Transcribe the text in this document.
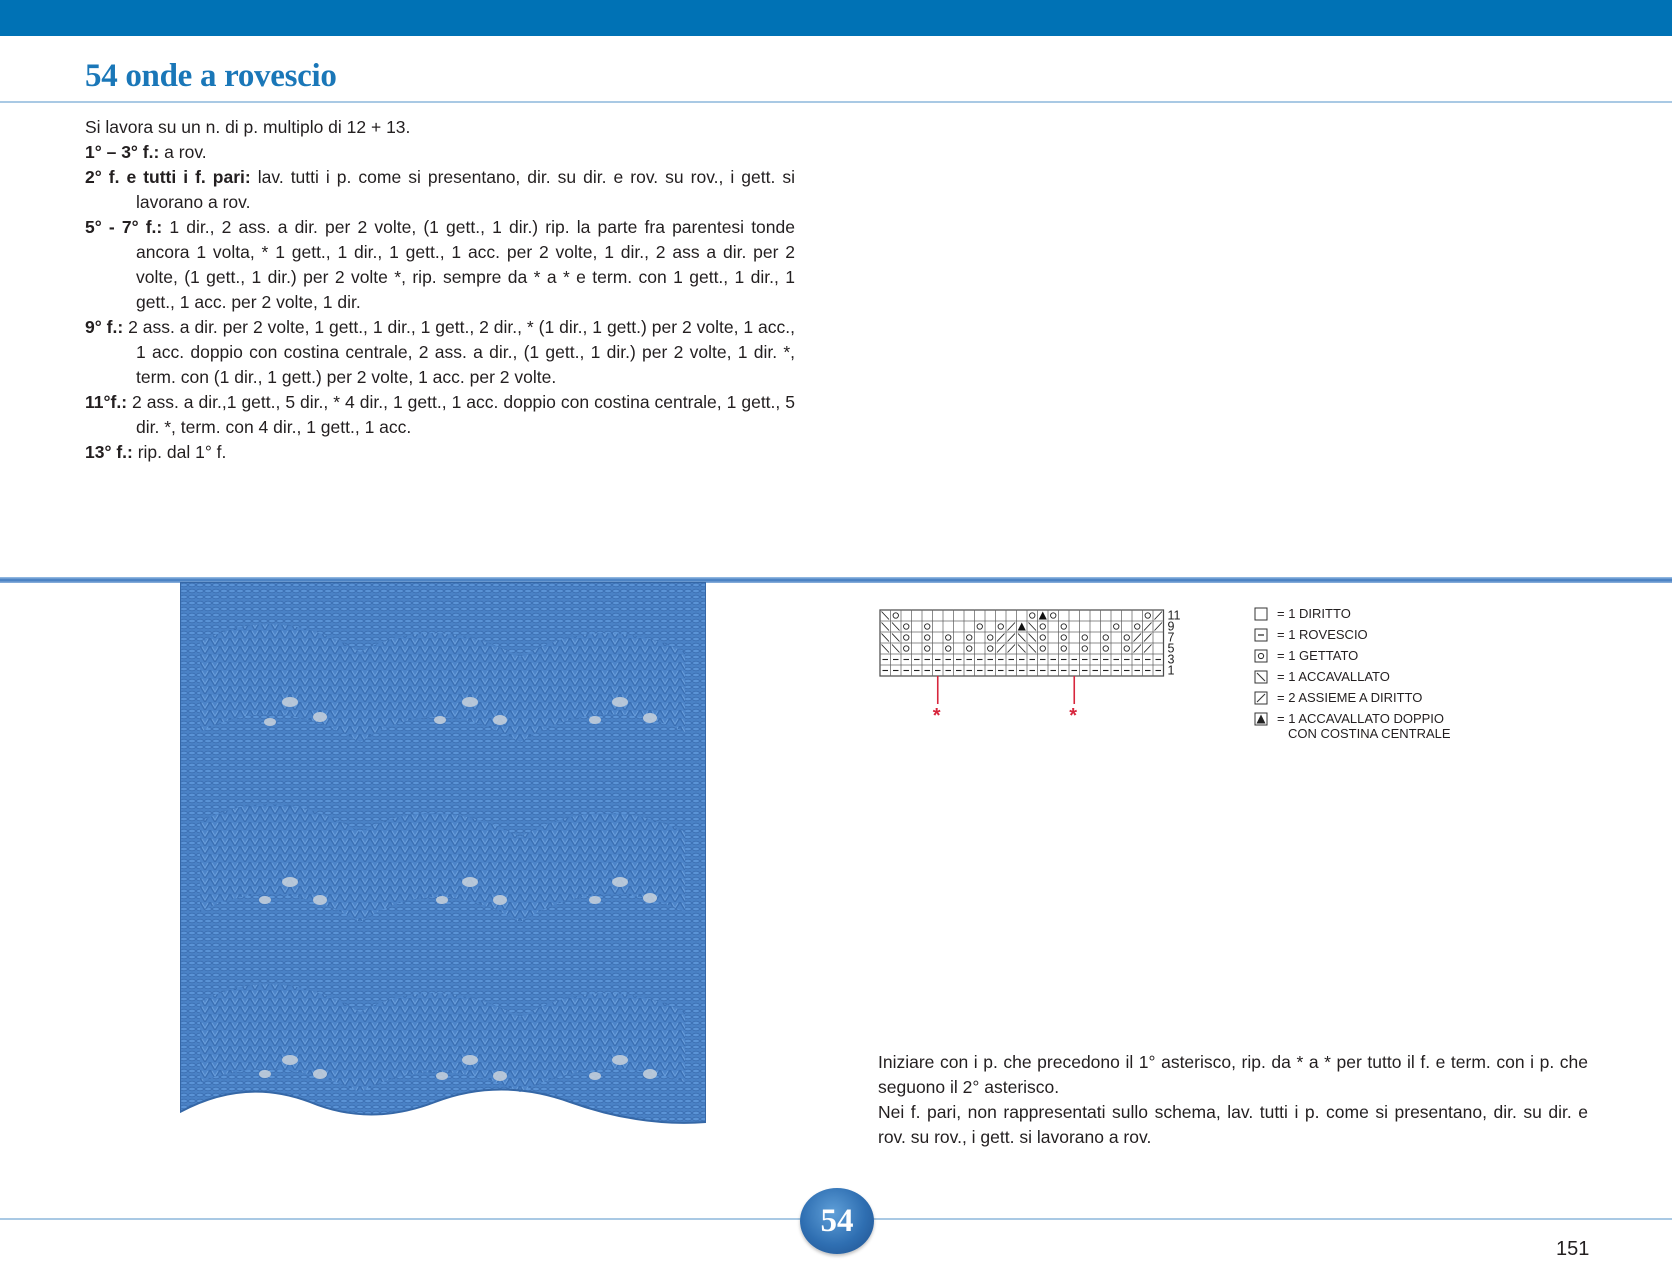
54 onde a rovescio

Si lavora su un n. di p. multiplo di 12 + 13.

1° – 3° f.: a rov.

2° f. e tutti i f. pari: lav. tutti i p. come si presentano, dir. su dir. e rov. su rov., i gett. si lavorano a rov.

5° - 7° f.: 1 dir., 2 ass. a dir. per 2 volte, (1 gett., 1 dir.) rip. la parte fra parentesi tonde ancora 1 volta, * 1 gett., 1 dir., 1 gett., 1 acc. per 2 volte, 1 dir., 2 ass a dir. per 2 volte, (1 gett., 1 dir.) per 2 volte *, rip. sempre da * a * e term. con 1 gett., 1 dir., 1 gett., 1 acc. per 2 volte, 1 dir.

9° f.: 2 ass. a dir. per 2 volte, 1 gett., 1 dir., 1 gett., 2 dir., * (1 dir., 1 gett.) per 2 volte, 1 acc., 1 acc. doppio con costina centrale, 2 ass. a dir., (1 gett., 1 dir.) per 2 volte, 1 dir. *, term. con (1 dir., 1 gett.) per 2 volte, 1 acc. per 2 volte.

11°f.: 2 ass. a dir.,1 gett., 5 dir., * 4 dir., 1 gett., 1 acc. doppio con costina centrale, 1 gett., 5 dir. *, term. con 4 dir., 1 gett., 1 acc.

13° f.: rip. dal 1° f.

11
9
7
5
3
1
*	*
= 1 DIRITTO
= 1 ROVESCIO
= 1 GETTATO
= 1 ACCAVALLATO
= 2 ASSIEME A DIRITTO
= 1 ACCAVALLATO DOPPIO
CON COSTINA CENTRALE

Iniziare con i p. che precedono il 1° asterisco, rip. da * a * per tutto il f. e term. con i p. che seguono il 2° asterisco.

Nei f. pari, non rappresentati sullo schema, lav. tutti i p. come si presentano, dir. su dir. e rov. su rov., i gett. si lavorano a rov.

54
151
